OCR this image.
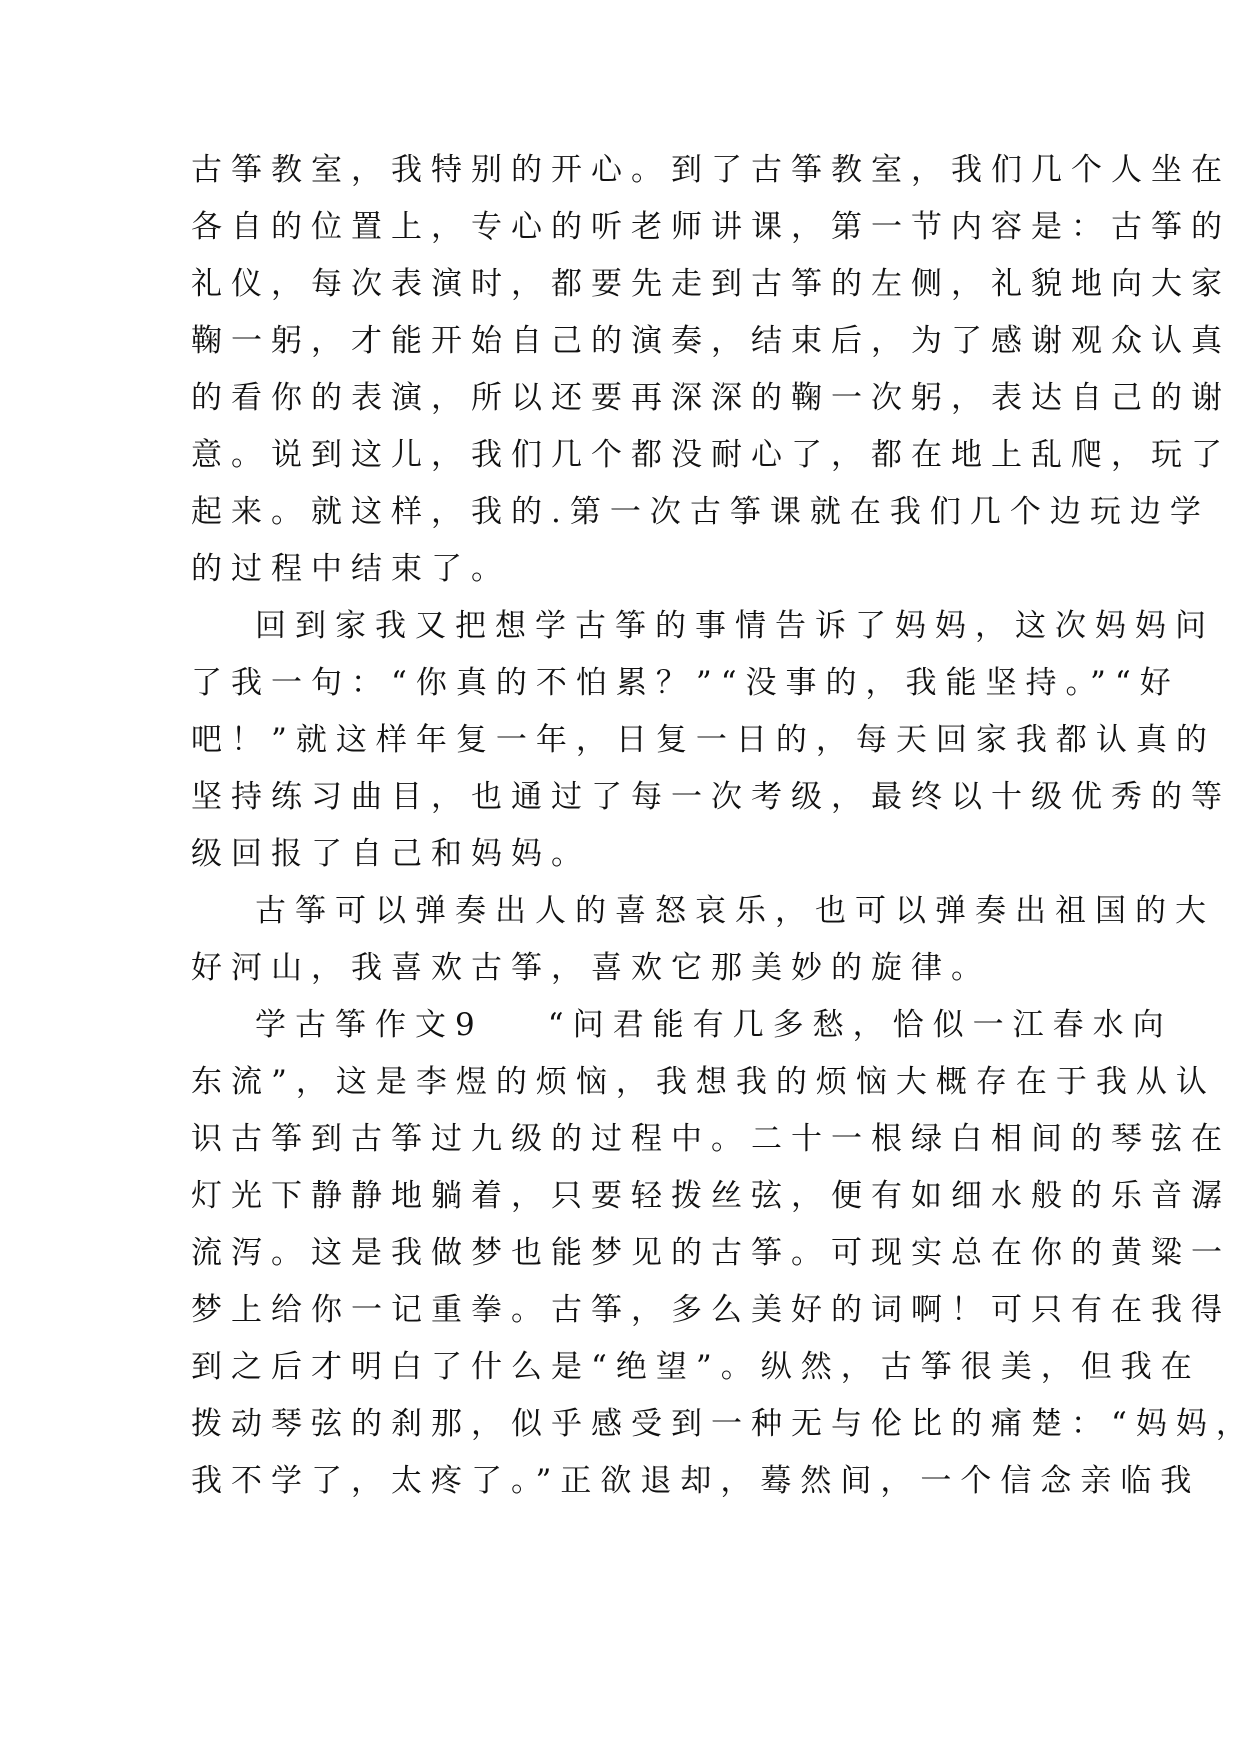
古筝教室，我特别的开心。到了古筝教室，我们几个人坐在
各自的位置上，专心的听老师讲课，第一节内容是：古筝的
礼仪，每次表演时，都要先走到古筝的左侧，礼貌地向大家
鞠一躬，才能开始自己的演奏，结束后，为了感谢观众认真
的看你的表演，所以还要再深深的鞠一次躬，表达自己的谢
意。说到这儿，我们几个都没耐心了，都在地上乱爬，玩了
起来。就这样，我的.第一次古筝课就在我们几个边玩边学
的过程中结束了。
回到家我又把想学古筝的事情告诉了妈妈，这次妈妈问
了我一句：“你真的不怕累？”“没事的，我能坚持。”“好
吧！”就这样年复一年，日复一日的，每天回家我都认真的
坚持练习曲目，也通过了每一次考级，最终以十级优秀的等
级回报了自己和妈妈。
古筝可以弹奏出人的喜怒哀乐，也可以弹奏出祖国的大
好河山，我喜欢古筝，喜欢它那美妙的旋律。
学古筝作文9 “问君能有几多愁，恰似一江春水向
东流”，这是李煜的烦恼，我想我的烦恼大概存在于我从认
识古筝到古筝过九级的过程中。二十一根绿白相间的琴弦在
灯光下静静地躺着，只要轻拨丝弦，便有如细水般的乐音潺
流泻。这是我做梦也能梦见的古筝。可现实总在你的黄粱一
梦上给你一记重拳。古筝，多么美好的词啊！可只有在我得
到之后才明白了什么是“绝望”。纵然，古筝很美，但我在
拨动琴弦的刹那，似乎感受到一种无与伦比的痛楚：“妈妈，
我不学了，太疼了。”正欲退却，蓦然间，一个信念亲临我
